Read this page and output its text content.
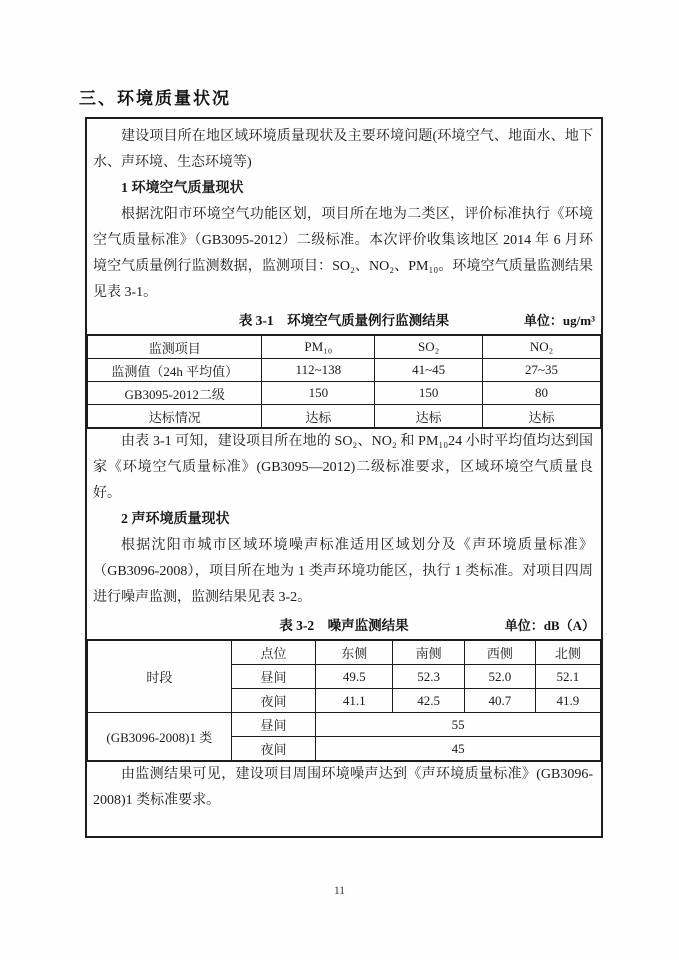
三、环境质量状况

建设项目所在地区域环境质量现状及主要环境问题(环境空气、地面水、地下水、声环境、生态环境等)

1 环境空气质量现状

根据沈阳市环境空气功能区划，项目所在地为二类区，评价标准执行《环境空气质量标准》（GB3095-2012）二级标准。本次评价收集该地区 2014 年 6 月环境空气质量例行监测数据，监测项目：SO₂、NO₂、PM₁₀。环境空气质量监测结果见表 3-1。

表 3-1　环境空气质量例行监测结果	单位：ug/m³
监测项目	PM₁₀	SO₂	NO₂
监测值（24h 平均值）	112~138	41~45	27~35
GB3095-2012二级	150	150	80
达标情况	达标	达标	达标

由表 3-1 可知，建设项目所在地的 SO₂、NO₂ 和 PM₁₀24 小时平均值均达到国家《环境空气质量标准》(GB3095—2012)二级标准要求，区域环境空气质量良好。

2 声环境质量现状

根据沈阳市城市区域环境噪声标准适用区域划分及《声环境质量标准》（GB3096-2008），项目所在地为 1 类声环境功能区，执行 1 类标准。对项目四周进行噪声监测，监测结果见表 3-2。

表 3-2　噪声监测结果	单位：dB（A）
时段	点位	东侧	南侧	西侧	北侧
	昼间	49.5	52.3	52.0	52.1
	夜间	41.1	42.5	40.7	41.9
(GB3096-2008)1 类	昼间	55			
	夜间	45			

由监测结果可见，建设项目周围环境噪声达到《声环境质量标准》(GB3096-2008)1 类标准要求。

11
